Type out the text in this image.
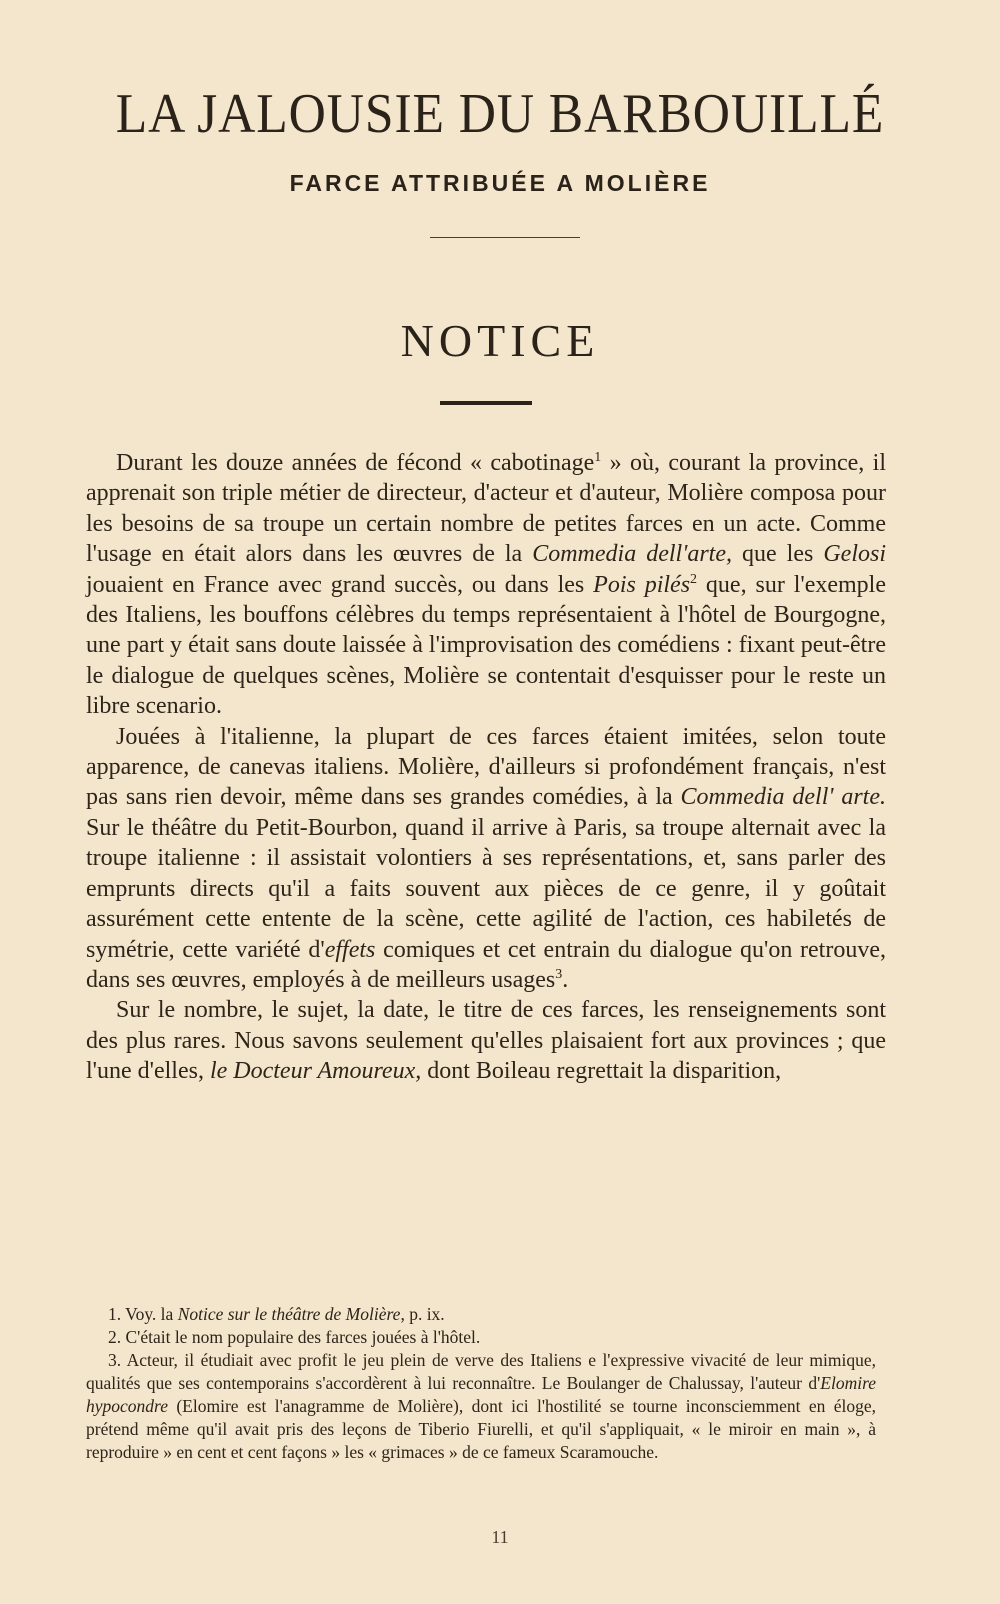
LA JALOUSIE DU BARBOUILLÉ
FARCE ATTRIBUÉE A MOLIÈRE
NOTICE

Durant les douze années de fécond « cabotinage$^1$ » où, courant la province, il apprenait son triple métier de directeur, d'acteur et d'auteur, Molière composa pour les besoins de sa troupe un certain nombre de petites farces en un acte. Comme l'usage en était alors dans les œuvres de la Commedia dell'arte, que les Gelosi jouaient en France avec grand succès, ou dans les Pois pilés$^2$ que, sur l'exemple des Italiens, les bouffons célèbres du temps représentaient à l'hôtel de Bourgogne, une part y était sans doute laissée à l'improvisation des comédiens : fixant peut-être le dialogue de quelques scènes, Molière se contentait d'esquisser pour le reste un libre scenario.

Jouées à l'italienne, la plupart de ces farces étaient imitées, selon toute apparence, de canevas italiens. Molière, d'ailleurs si profondément français, n'est pas sans rien devoir, même dans ses grandes comédies, à la Commedia dell' arte. Sur le théâtre du Petit-Bourbon, quand il arrive à Paris, sa troupe alternait avec la troupe italienne : il assistait volontiers à ses représentations, et, sans parler des emprunts directs qu'il a faits souvent aux pièces de ce genre, il y goûtait assurément cette entente de la scène, cette agilité de l'action, ces habiletés de symétrie, cette variété d'effets comiques et cet entrain du dialogue qu'on retrouve, dans ses œuvres, employés à de meilleurs usages$^3$.

Sur le nombre, le sujet, la date, le titre de ces farces, les renseignements sont des plus rares. Nous savons seulement qu'elles plaisaient fort aux provinces ; que l'une d'elles, le Docteur Amoureux, dont Boileau regrettait la disparition,

1. Voy. la Notice sur le théâtre de Molière, p. ix.

2. C'était le nom populaire des farces jouées à l'hôtel.

3. Acteur, il étudiait avec profit le jeu plein de verve des Italiens e l'expressive vivacité de leur mimique, qualités que ses contemporains s'accordèrent à lui reconnaître. Le Boulanger de Chalussay, l'auteur d'Elomire hypocondre (Elomire est l'anagramme de Molière), dont ici l'hostilité se tourne inconsciemment en éloge, prétend même qu'il avait pris des leçons de Tiberio Fiurelli, et qu'il s'appliquait, « le miroir en main », à reproduire » en cent et cent façons » les « grimaces » de ce fameux Scaramouche.

11
